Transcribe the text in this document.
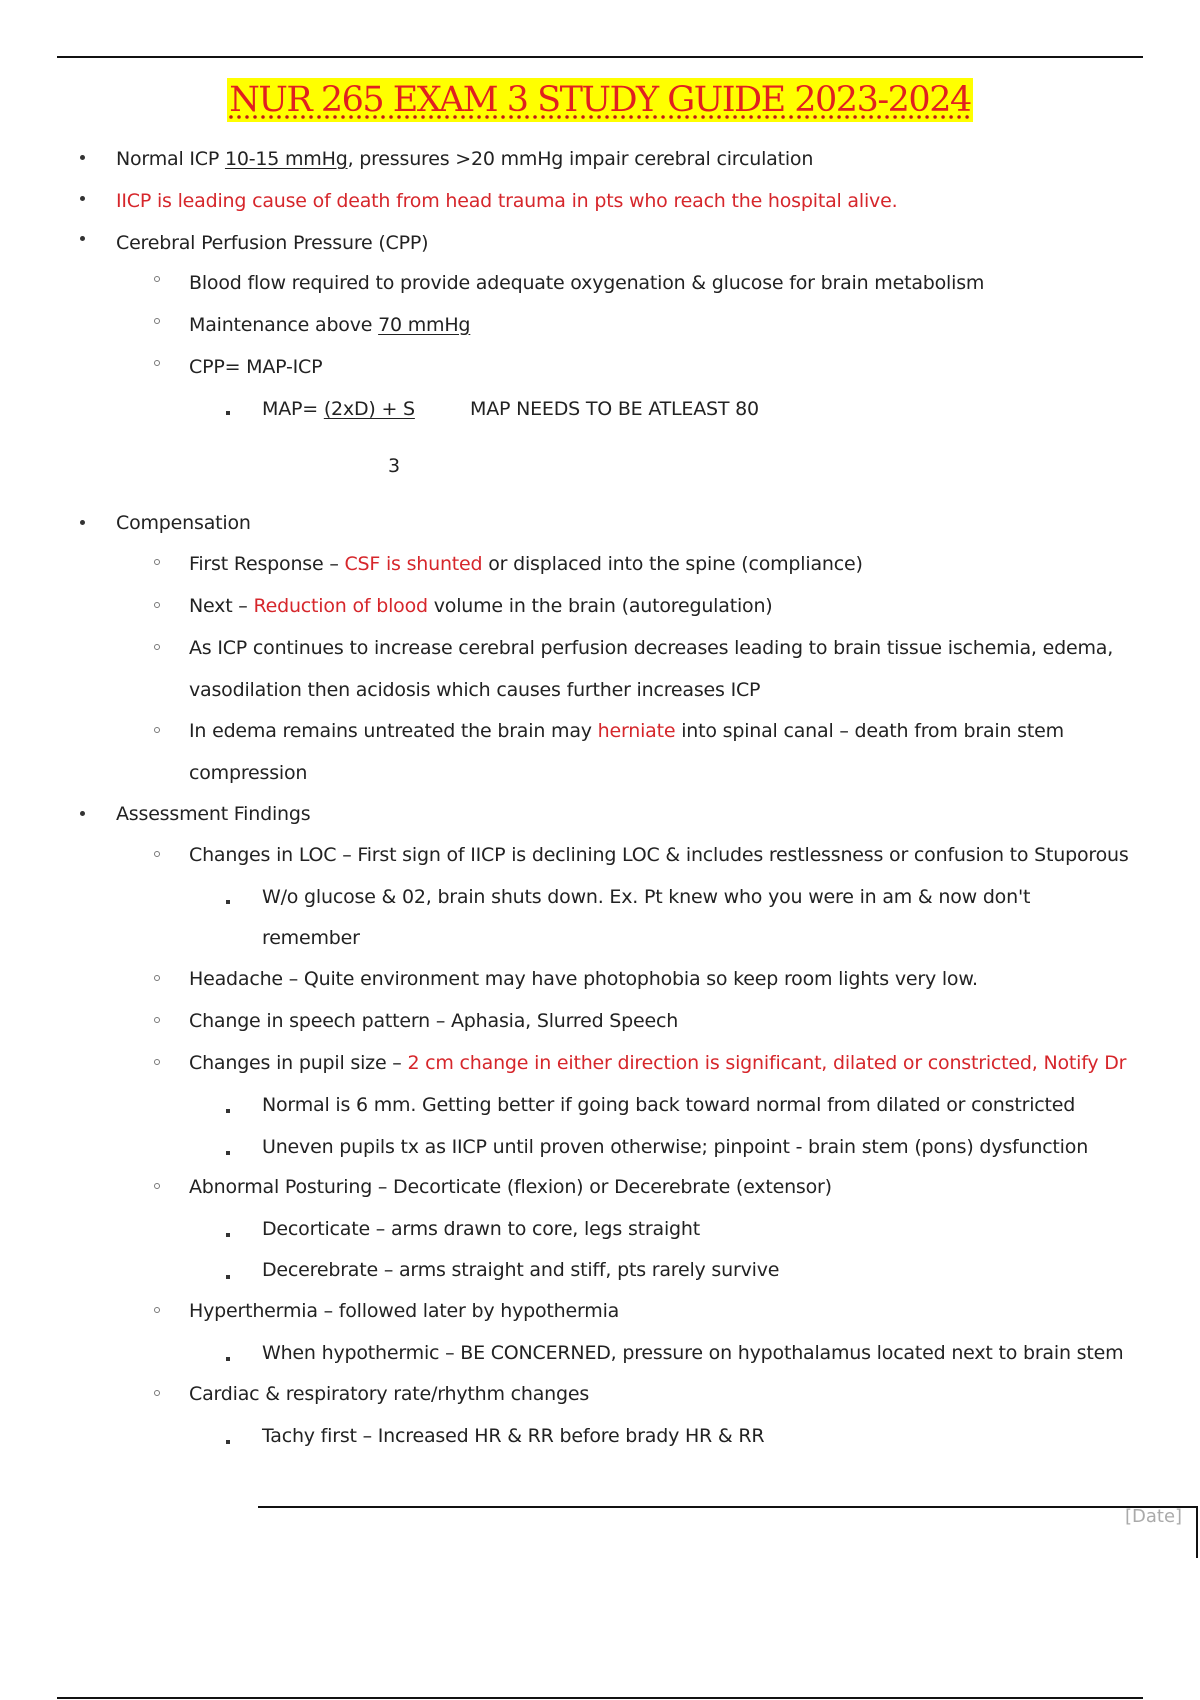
NUR 265 EXAM 3 STUDY GUIDE 2023-2024
Normal ICP 10-15 mmHg, pressures >20 mmHg impair cerebral circulation
IICP is leading cause of death from head trauma in pts who reach the hospital alive.
Cerebral Perfusion Pressure (CPP)
Blood flow required to provide adequate oxygenation & glucose for brain metabolism
Maintenance above 70 mmHg
CPP= MAP-ICP
MAP= (2xD) + S	MAP NEEDS TO BE ATLEAST 80
3
Compensation
First Response – CSF is shunted or displaced into the spine (compliance)
Next – Reduction of blood volume in the brain (autoregulation)
As ICP continues to increase cerebral perfusion decreases leading to brain tissue ischemia, edema,
vasodilation then acidosis which causes further increases ICP
In edema remains untreated the brain may herniate into spinal canal – death from brain stem
compression
Assessment Findings
Changes in LOC – First sign of IICP is declining LOC & includes restlessness or confusion to Stuporous
W/o glucose & 02, brain shuts down. Ex. Pt knew who you were in am & now don't
remember
Headache – Quite environment may have photophobia so keep room lights very low.
Change in speech pattern – Aphasia, Slurred Speech
Changes in pupil size – 2 cm change in either direction is significant, dilated or constricted, Notify Dr
Normal is 6 mm. Getting better if going back toward normal from dilated or constricted
Uneven pupils tx as IICP until proven otherwise; pinpoint - brain stem (pons) dysfunction
Abnormal Posturing – Decorticate (flexion) or Decerebrate (extensor)
Decorticate – arms drawn to core, legs straight
Decerebrate – arms straight and stiff, pts rarely survive
Hyperthermia – followed later by hypothermia
When hypothermic – BE CONCERNED, pressure on hypothalamus located next to brain stem
Cardiac & respiratory rate/rhythm changes
Tachy first – Increased HR & RR before brady HR & RR
[Date]
